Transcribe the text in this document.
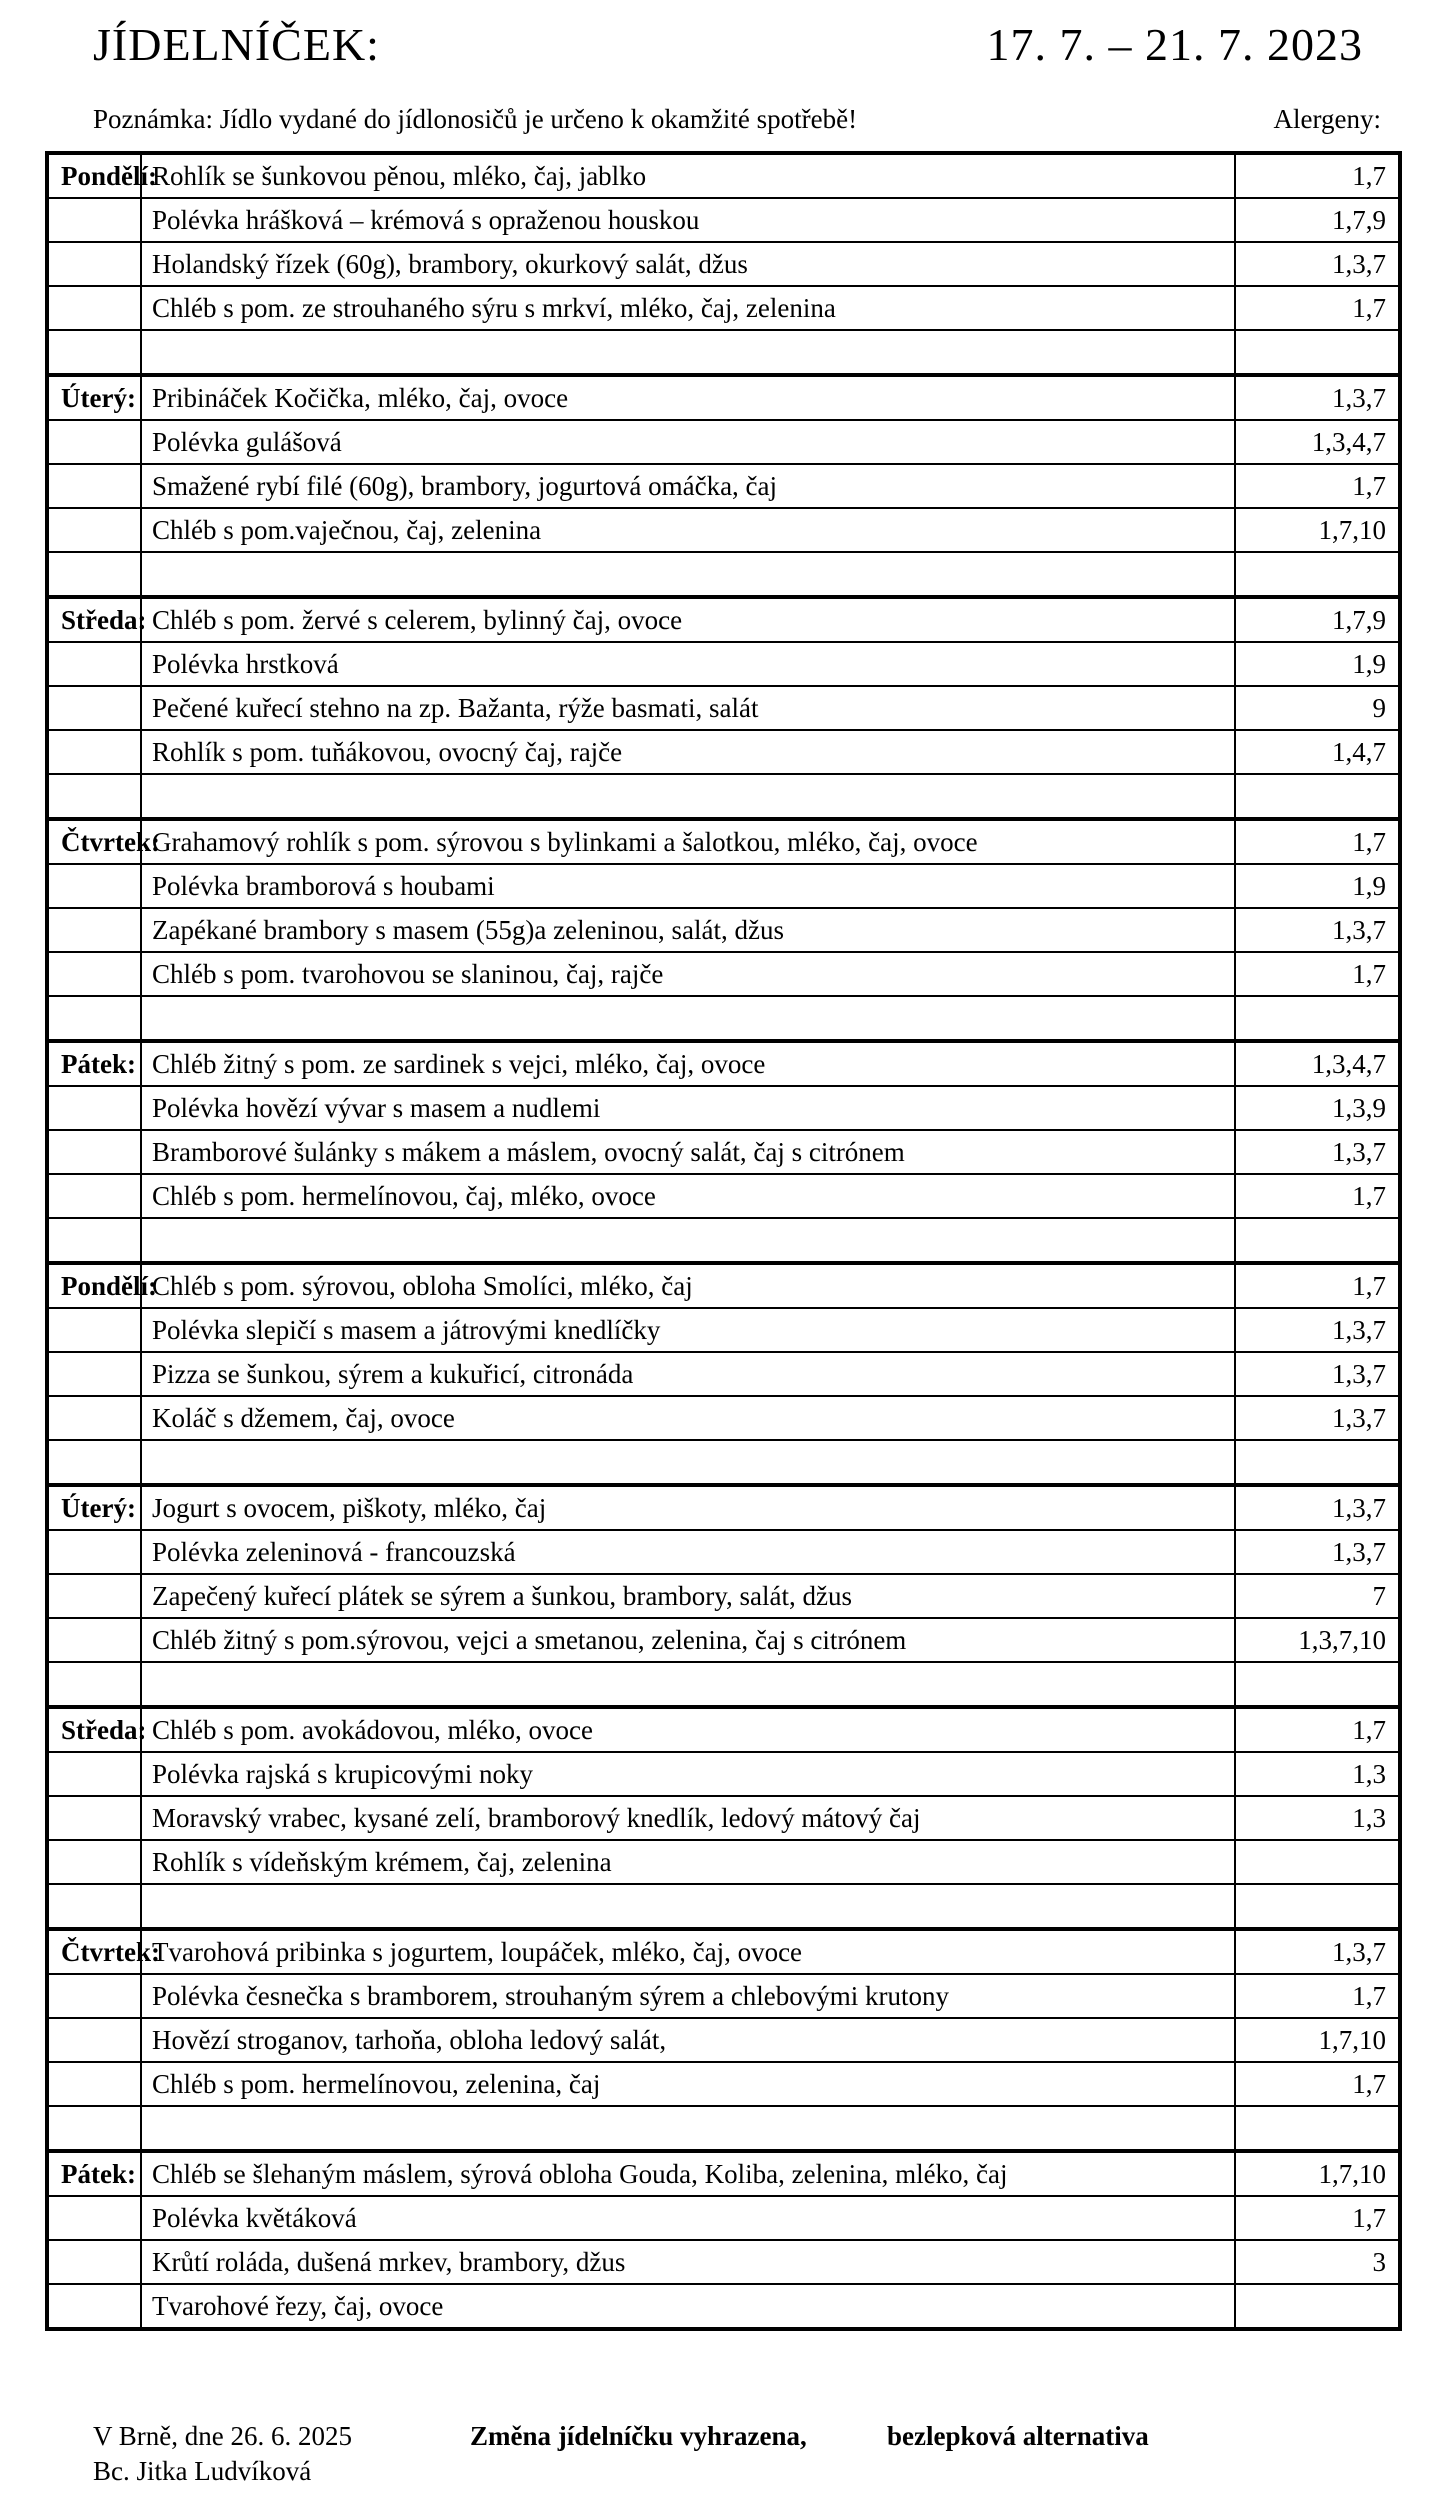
JÍDELNÍČEK:	17. 7. – 21. 7. 2023
Poznámka: Jídlo vydané do jídlonosičů je určeno k okamžité spotřebě!	Alergeny:
Pondělí:	Rohlík se šunkovou pěnou, mléko, čaj, jablko	1,7
	Polévka hrášková – krémová s opraženou houskou	1,7,9
	Holandský řízek (60g), brambory, okurkový salát, džus	1,3,7
	Chléb s pom. ze strouhaného sýru s mrkví, mléko, čaj, zelenina	1,7

Úterý:	Pribináček Kočička, mléko, čaj, ovoce	1,3,7
	Polévka gulášová	1,3,4,7
	Smažené rybí filé (60g), brambory, jogurtová omáčka, čaj	1,7
	Chléb s pom.vaječnou, čaj, zelenina	1,7,10

Středa:	Chléb s pom. žervé s celerem, bylinný čaj, ovoce	1,7,9
	Polévka hrstková	1,9
	Pečené kuřecí stehno na zp. Bažanta, rýže basmati, salát	9
	Rohlík s pom. tuňákovou, ovocný čaj, rajče	1,4,7

Čtvrtek:	Grahamový rohlík s pom. sýrovou s bylinkami a šalotkou, mléko, čaj, ovoce	1,7
	Polévka bramborová s houbami	1,9
	Zapékané brambory s masem (55g)a zeleninou, salát, džus	1,3,7
	Chléb s pom. tvarohovou se slaninou, čaj, rajče	1,7

Pátek:	Chléb žitný s pom. ze sardinek s vejci, mléko, čaj, ovoce	1,3,4,7
	Polévka hovězí vývar s masem a nudlemi	1,3,9
	Bramborové šulánky s mákem a máslem, ovocný salát, čaj s citrónem	1,3,7
	Chléb s pom. hermelínovou, čaj, mléko, ovoce	1,7

Pondělí:	Chléb s pom. sýrovou, obloha Smolíci, mléko, čaj	1,7
	Polévka slepičí s masem a játrovými knedlíčky	1,3,7
	Pizza se šunkou, sýrem a kukuřicí, citronáda	1,3,7
	Koláč s džemem, čaj, ovoce	1,3,7

Úterý:	Jogurt s ovocem, piškoty, mléko, čaj	1,3,7
	Polévka zeleninová - francouzská	1,3,7
	Zapečený kuřecí plátek se sýrem a šunkou, brambory, salát, džus	7
	Chléb žitný s pom.sýrovou, vejci a smetanou, zelenina, čaj s citrónem	1,3,7,10

Středa:	Chléb s pom. avokádovou, mléko, ovoce	1,7
	Polévka rajská s krupicovými noky	1,3
	Moravský vrabec, kysané zelí, bramborový knedlík, ledový mátový čaj	1,3
	Rohlík s vídeňským krémem, čaj, zelenina	

Čtvrtek:	Tvarohová pribinka s jogurtem, loupáček, mléko, čaj, ovoce	1,3,7
	Polévka česnečka s bramborem, strouhaným sýrem a chlebovými krutony	1,7
	Hovězí stroganov, tarhoňa, obloha ledový salát,	1,7,10
	Chléb s pom. hermelínovou, zelenina, čaj	1,7

Pátek:	Chléb se šlehaným máslem, sýrová obloha Gouda, Koliba, zelenina, mléko, čaj	1,7,10
	Polévka květáková	1,7
	Krůtí roláda, dušená mrkev, brambory, džus	3
	Tvarohové řezy, čaj, ovoce	
V Brně, dne 26. 6. 2025
Bc. Jitka Ludvíková
Změna jídelníčku vyhrazena,	bezlepková alternativa
